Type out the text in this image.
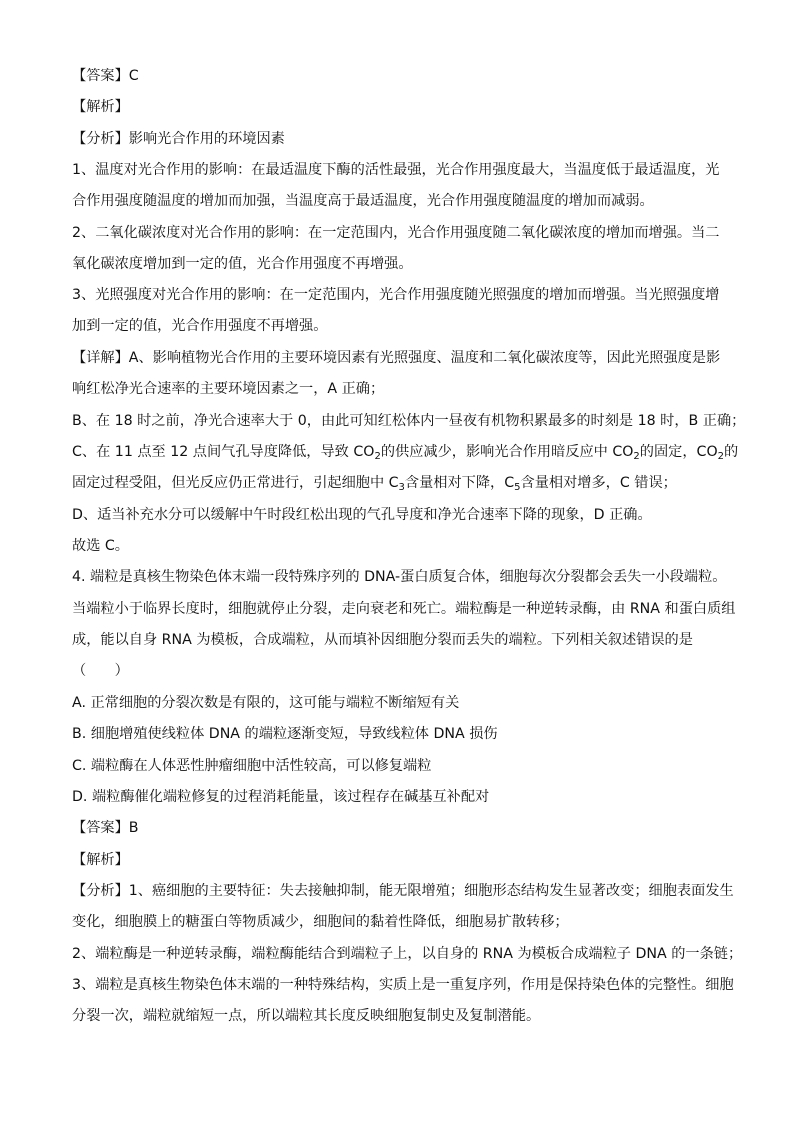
【答案】C
【解析】
【分析】影响光合作用的环境因素
1、温度对光合作用的影响：在最适温度下酶的活性最强，光合作用强度最大，当温度低于最适温度，光
合作用强度随温度的增加而加强，当温度高于最适温度，光合作用强度随温度的增加而减弱。
2、二氧化碳浓度对光合作用的影响：在一定范围内，光合作用强度随二氧化碳浓度的增加而增强。当二
氧化碳浓度增加到一定的值，光合作用强度不再增强。
3、光照强度对光合作用的影响：在一定范围内，光合作用强度随光照强度的增加而增强。当光照强度增
加到一定的值，光合作用强度不再增强。
【详解】A、影响植物光合作用的主要环境因素有光照强度、温度和二氧化碳浓度等，因此光照强度是影
响红松净光合速率的主要环境因素之一，A 正确；
B、在 18 时之前，净光合速率大于 0，由此可知红松体内一昼夜有机物积累最多的时刻是 18 时，B 正确；
C、在 11 点至 12 点间气孔导度降低，导致 $CO_2$的供应减少，影响光合作用暗反应中 $CO_2$的固定，$CO_2$的
固定过程受阻，但光反应仍正常进行，引起细胞中 $C_3$含量相对下降，$C_5$含量相对增多，C 错误；
D、适当补充水分可以缓解中午时段红松出现的气孔导度和净光合速率下降的现象，D 正确。
故选 C。
4. 端粒是真核生物染色体末端一段特殊序列的 DNA-蛋白质复合体，细胞每次分裂都会丢失一小段端粒。
当端粒小于临界长度时，细胞就停止分裂，走向衰老和死亡。端粒酶是一种逆转录酶，由 RNA 和蛋白质组
成，能以自身 RNA 为模板，合成端粒，从而填补因细胞分裂而丢失的端粒。下列相关叙述错误的是
（　　）
A. 正常细胞的分裂次数是有限的，这可能与端粒不断缩短有关
B. 细胞增殖使线粒体 DNA 的端粒逐渐变短，导致线粒体 DNA 损伤
C. 端粒酶在人体恶性肿瘤细胞中活性较高，可以修复端粒
D. 端粒酶催化端粒修复的过程消耗能量，该过程存在碱基互补配对
【答案】B
【解析】
【分析】1、癌细胞的主要特征：失去接触抑制，能无限增殖；细胞形态结构发生显著改变；细胞表面发生
变化，细胞膜上的糖蛋白等物质减少，细胞间的黏着性降低，细胞易扩散转移；
2、端粒酶是一种逆转录酶，端粒酶能结合到端粒子上，以自身的 RNA 为模板合成端粒子 DNA 的一条链；
3、端粒是真核生物染色体末端的一种特殊结构，实质上是一重复序列，作用是保持染色体的完整性。细胞
分裂一次，端粒就缩短一点，所以端粒其长度反映细胞复制史及复制潜能。
